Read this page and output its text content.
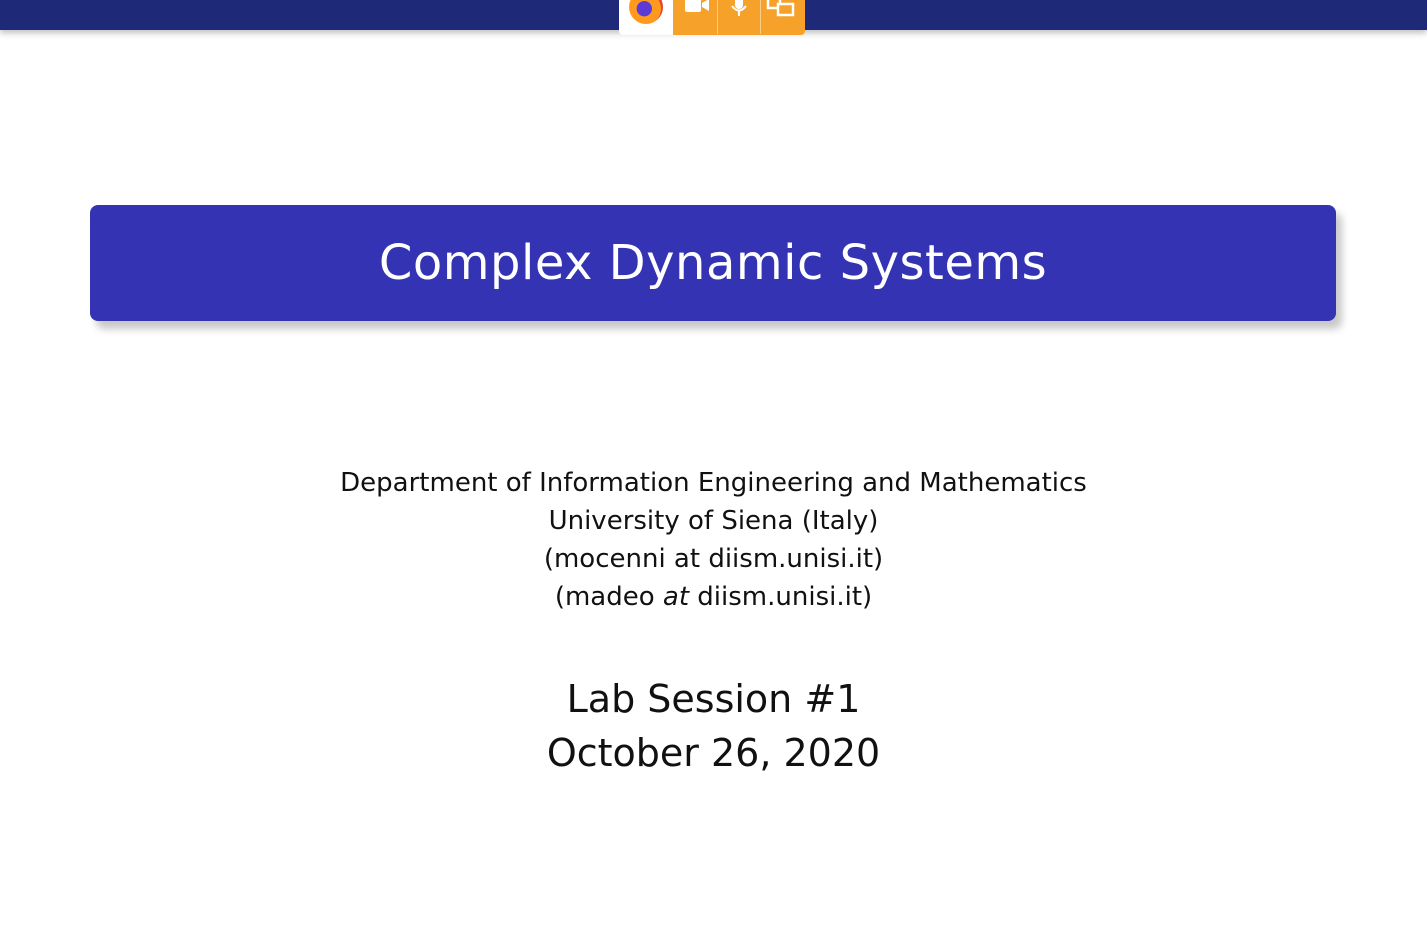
Complex Dynamic Systems
Department of Information Engineering and Mathematics
University of Siena (Italy)
(mocenni at diism.unisi.it)
(madeo at diism.unisi.it)
Lab Session #1
October 26, 2020
